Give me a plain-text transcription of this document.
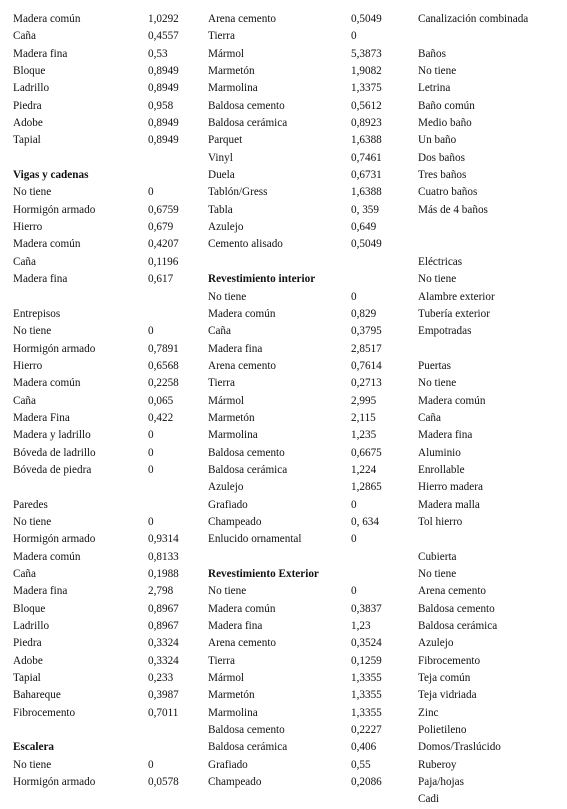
Madera común	1,0292
Caña	0,4557
Madera fina	0,53
Bloque	0,8949
Ladrillo	0,8949
Piedra	0,958
Adobe	0,8949
Tapial	0,8949
Vigas y cadenas
No tiene	0
Hormigón armado	0,6759
Hierro	0,679
Madera común	0,4207
Caña	0,1196
Madera fina	0,617
Entrepisos
No tiene	0
Hormigón armado	0,7891
Hierro	0,6568
Madera común	0,2258
Caña	0,065
Madera Fina	0,422
Madera y ladrillo	0
Bóveda de ladrillo	0
Bóveda de piedra	0
Paredes
No tiene	0
Hormigón armado	0,9314
Madera común	0,8133
Caña	0,1988
Madera fina	2,798
Bloque	0,8967
Ladrillo	0,8967
Piedra	0,3324
Adobe	0,3324
Tapial	0,233
Bahareque	0,3987
Fibrocemento	0,7011
Escalera
No tiene	0
Hormigón armado	0,0578
Arena cemento	0,5049
Tierra	0
Mármol	5,3873
Marmetón	1,9082
Marmolina	1,3375
Baldosa cemento	0,5612
Baldosa cerámica	0,8923
Parquet	1,6388
Vinyl	0,7461
Duela	0,6731
Tablón/Gress	1,6388
Tabla	0, 359
Azulejo	0,649
Cemento alisado	0,5049
Revestimiento interior
No tiene	0
Madera común	0,829
Caña	0,3795
Madera fina	2,8517
Arena cemento	0,7614
Tierra	0,2713
Mármol	2,995
Marmetón	2,115
Marmolina	1,235
Baldosa cemento	0,6675
Baldosa cerámica	1,224
Azulejo	1,2865
Grafiado	0
Champeado	0, 634
Enlucido ornamental	0
Revestimiento Exterior
No tiene	0
Madera común	0,3837
Madera fina	1,23
Arena cemento	0,3524
Tierra	0,1259
Mármol	1,3355
Marmetón	1,3355
Marmolina	1,3355
Baldosa cemento	0,2227
Baldosa cerámica	0,406
Grafiado	0,55
Champeado	0,2086
Canalización combinada
Baños
No tiene
Letrina
Baño común
Medio baño
Un baño
Dos baños
Tres baños
Cuatro baños
Más de 4 baños
Eléctricas
No tiene
Alambre exterior
Tubería exterior
Empotradas
Puertas
No tiene
Madera común
Caña
Madera fina
Aluminio
Enrollable
Hierro madera
Madera malla
Tol hierro
Cubierta
No tiene
Arena cemento
Baldosa cemento
Baldosa cerámica
Azulejo
Fibrocemento
Teja común
Teja vidriada
Zinc
Polietileno
Domos/Traslúcido
Ruberoy
Paja/hojas
Cadi
